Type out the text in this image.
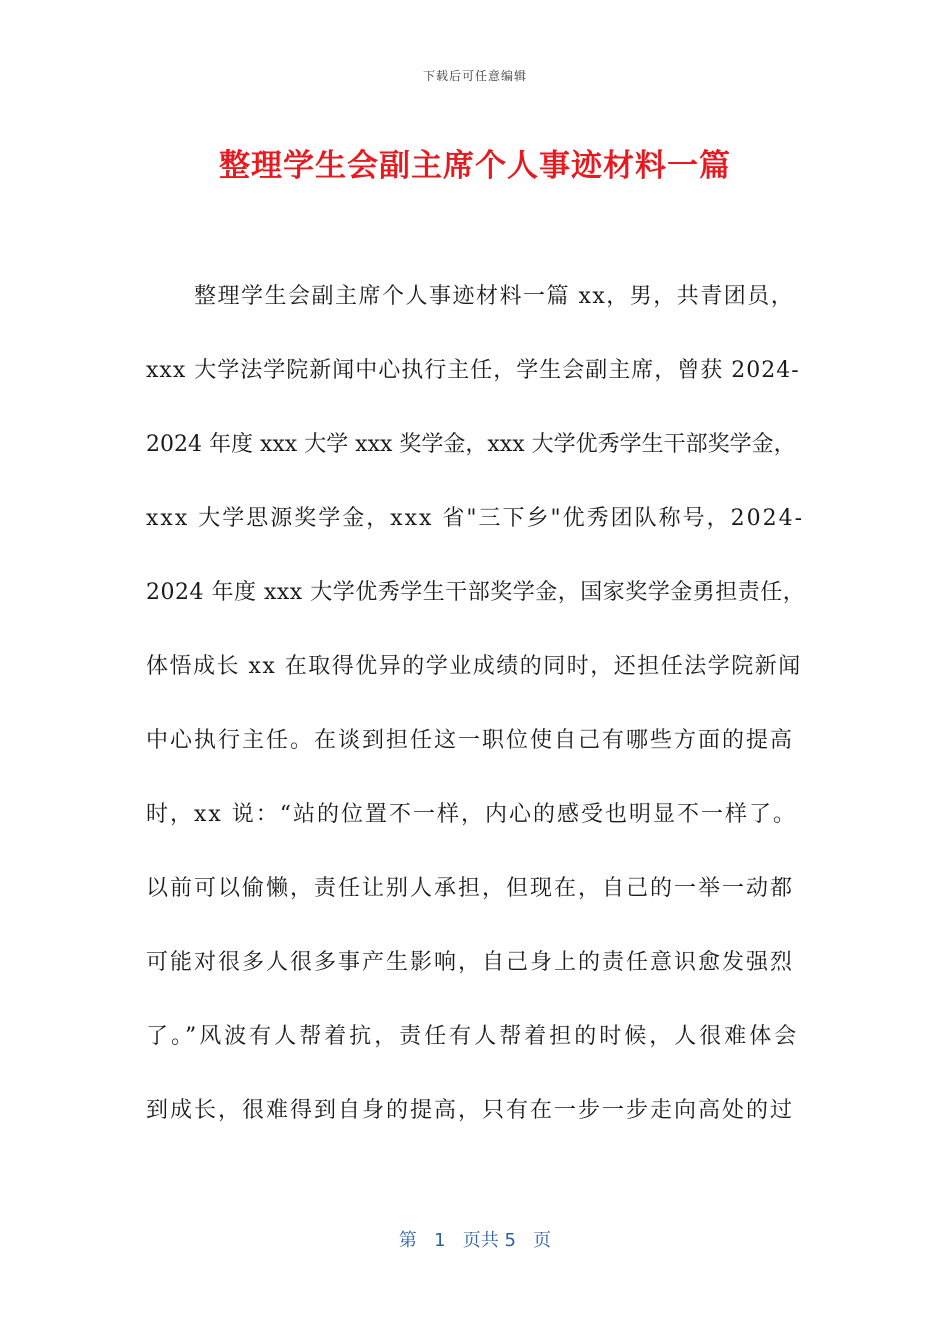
下载后可任意编辑
整理学生会副主席个人事迹材料一篇
整理学生会副主席个人事迹材料一篇 xx，男，共青团员，
xxx 大学法学院新闻中心执行主任，学生会副主席，曾获 2024-
2024 年度 xxx 大学 xxx 奖学金，xxx 大学优秀学生干部奖学金，
xxx 大学思源奖学金，xxx 省"三下乡"优秀团队称号，2024-
2024 年度 xxx 大学优秀学生干部奖学金，国家奖学金勇担责任，
体悟成长 xx 在取得优异的学业成绩的同时，还担任法学院新闻
中心执行主任。在谈到担任这一职位使自己有哪些方面的提高
时，xx 说：“站的位置不一样，内心的感受也明显不一样了。
以前可以偷懒，责任让别人承担，但现在，自己的一举一动都
可能对很多人很多事产生影响，自己身上的责任意识愈发强烈
了。”风波有人帮着抗，责任有人帮着担的时候，人很难体会
到成长，很难得到自身的提高，只有在一步一步走向高处的过
第 1 页共 5 页
